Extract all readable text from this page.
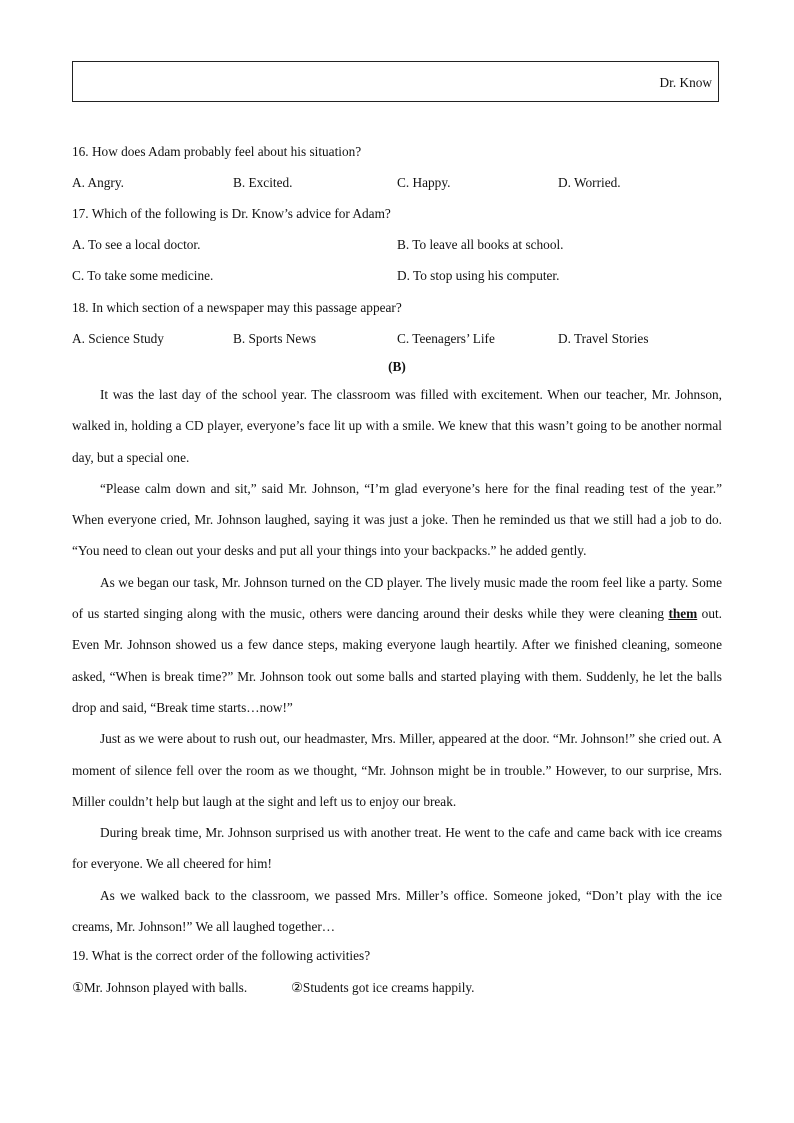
Dr. Know
16. How does Adam probably feel about his situation?
A. Angry.	B. Excited.	C. Happy.	D. Worried.
17. Which of the following is Dr. Know’s advice for Adam?
A. To see a local doctor.	B. To leave all books at school.
C. To take some medicine.	D. To stop using his computer.
18. In which section of a newspaper may this passage appear?
A. Science Study	B. Sports News	C. Teenagers’ Life	D. Travel Stories
(B)

It was the last day of the school year. The classroom was filled with excitement. When our teacher, Mr. Johnson, walked in, holding a CD player, everyone’s face lit up with a smile. We knew that this wasn’t going to be another normal day, but a special one.

“Please calm down and sit,” said Mr. Johnson, “I’m glad everyone’s here for the final reading test of the year.” When everyone cried, Mr. Johnson laughed, saying it was just a joke. Then he reminded us that we still had a job to do. “You need to clean out your desks and put all your things into your backpacks.” he added gently.

As we began our task, Mr. Johnson turned on the CD player. The lively music made the room feel like a party. Some of us started singing along with the music, others were dancing around their desks while they were cleaning them out. Even Mr. Johnson showed us a few dance steps, making everyone laugh heartily. After we finished cleaning, someone asked, “When is break time?” Mr. Johnson took out some balls and started playing with them. Suddenly, he let the balls drop and said, “Break time starts…now!”

Just as we were about to rush out, our headmaster, Mrs. Miller, appeared at the door. “Mr. Johnson!” she cried out. A moment of silence fell over the room as we thought, “Mr. Johnson might be in trouble.” However, to our surprise, Mrs. Miller couldn’t help but laugh at the sight and left us to enjoy our break.

During break time, Mr. Johnson surprised us with another treat. He went to the cafe and came back with ice creams for everyone. We all cheered for him!

As we walked back to the classroom, we passed Mrs. Miller’s office. Someone joked, “Don’t play with the ice creams, Mr. Johnson!” We all laughed together…

19. What is the correct order of the following activities?
①Mr. Johnson played with balls.	②Students got ice creams happily.
